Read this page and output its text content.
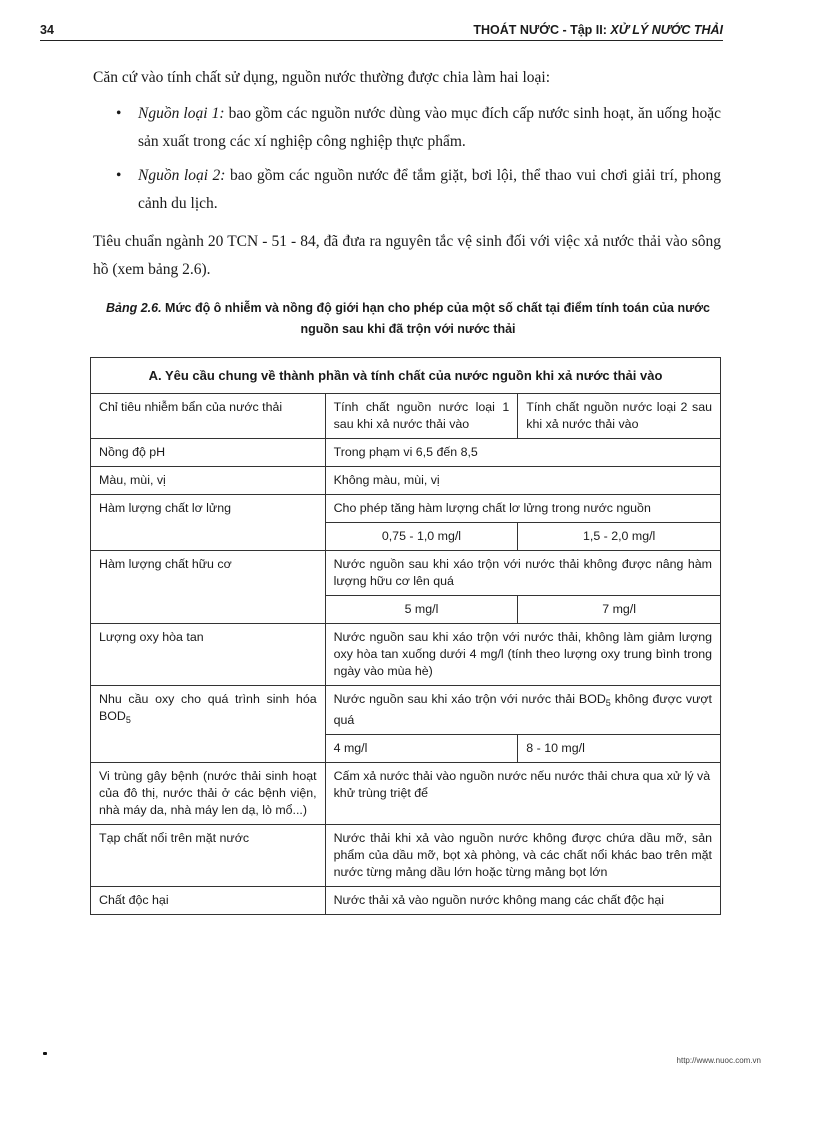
34	THOÁT NƯỚC - Tập II: XỬ LÝ NƯỚC THẢI
Căn cứ vào tính chất sử dụng, nguồn nước thường được chia làm hai loại:
• Nguồn loại 1: bao gồm các nguồn nước dùng vào mục đích cấp nước sinh hoạt, ăn uống hoặc sản xuất trong các xí nghiệp công nghiệp thực phẩm.
• Nguồn loại 2: bao gồm các nguồn nước để tắm giặt, bơi lội, thể thao vui chơi giải trí, phong cảnh du lịch.
Tiêu chuẩn ngành 20 TCN - 51 - 84, đã đưa ra nguyên tắc vệ sinh đối với việc xả nước thải vào sông hồ (xem bảng 2.6).
Bảng 2.6. Mức độ ô nhiễm và nồng độ giới hạn cho phép của một số chất tại điểm tính toán của nước nguồn sau khi đã trộn với nước thải
A. Yêu cầu chung về thành phần và tính chất của nước nguồn khi xả nước thải vào		
Chỉ tiêu nhiễm bẩn của nước thải	Tính chất nguồn nước loại 1 sau khi xả nước thải vào	Tính chất nguồn nước loại 2 sau khi xả nước thải vào
Nồng độ pH	Trong phạm vi 6,5 đến 8,5	
Màu, mùi, vị	Không màu, mùi, vị	
Hàm lượng chất lơ lửng	Cho phép tăng hàm lượng chất lơ lửng trong nước nguồn	
	0,75 - 1,0 mg/l	1,5 - 2,0 mg/l
Hàm lượng chất hữu cơ	Nước nguồn sau khi xáo trộn với nước thải không được nâng hàm lượng hữu cơ lên quá	
	5 mg/l	7 mg/l
Lượng oxy hòa tan	Nước nguồn sau khi xáo trộn với nước thải, không làm giảm lượng oxy hòa tan xuống dưới 4 mg/l (tính theo lượng oxy trung bình trong ngày vào mùa hè)	
Nhu cầu oxy cho quá trình sinh hóa $BOD_5$	Nước nguồn sau khi xáo trộn với nước thải $BOD_5$ không được vượt quá	
	4 mg/l	8 - 10 mg/l
Vi trùng gây bệnh (nước thải sinh hoạt của đô thị, nước thải ở các bệnh viện, nhà máy da, nhà máy len dạ, lò mổ...)	Cấm xả nước thải vào nguồn nước nếu nước thải chưa qua xử lý và khử trùng triệt để	
Tạp chất nổi trên mặt nước	Nước thải khi xả vào nguồn nước không được chứa dầu mỡ, sản phẩm của dầu mỡ, bọt xà phòng, và các chất nổi khác bao trên mặt nước từng mảng dầu lớn hoặc từng mảng bọt lớn	
Chất độc hại	Nước thải xả vào nguồn nước không mang các chất độc hại	
http://www.nuoc.com.vn
